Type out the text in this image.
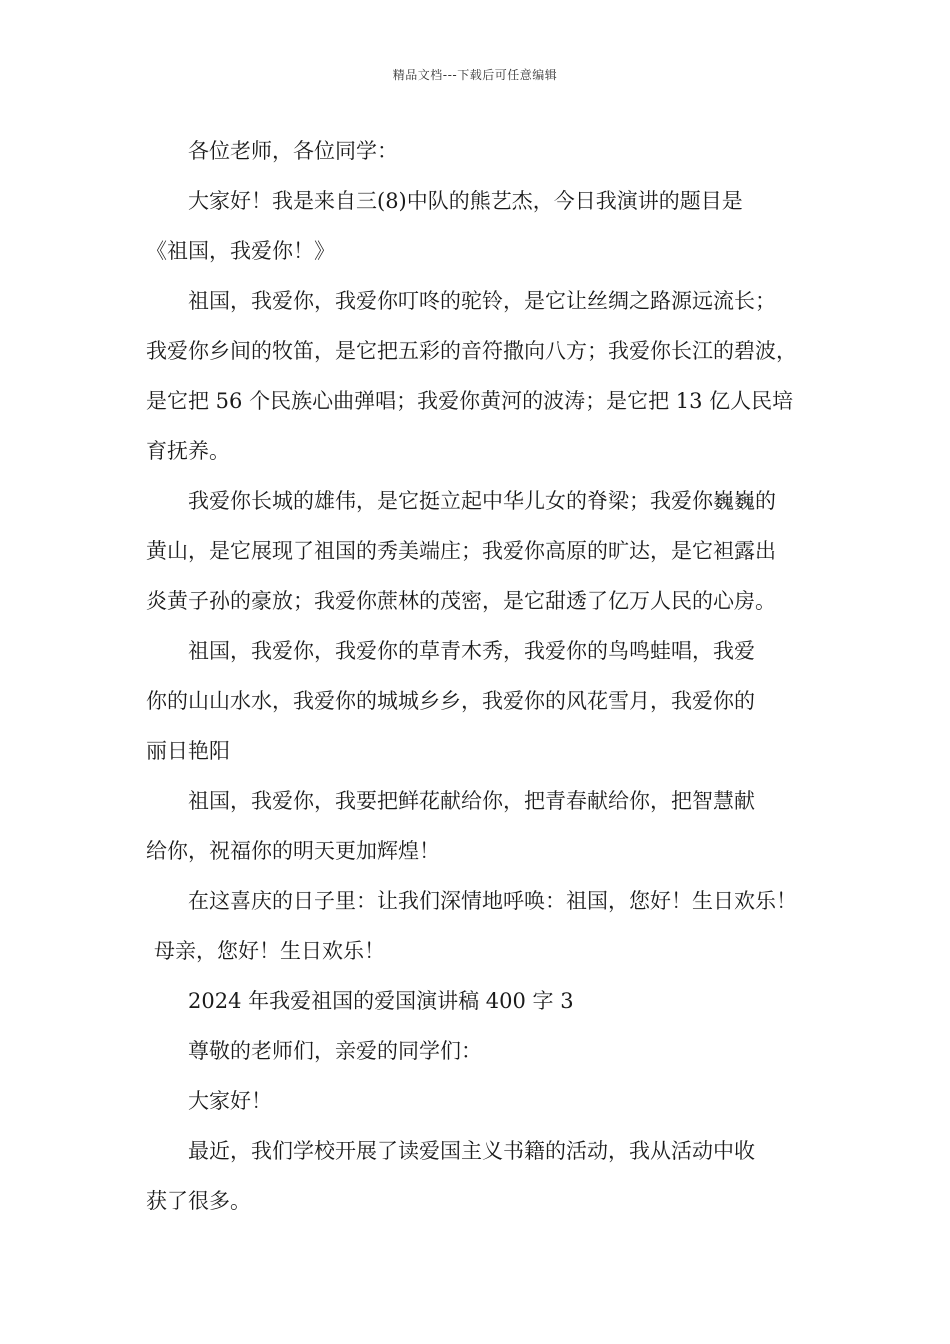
精品文档---下载后可任意编辑
各位老师，各位同学：
大家好！我是来自三(8)中队的熊艺杰，今日我演讲的题目是
《祖国，我爱你！》
祖国，我爱你，我爱你叮咚的驼铃，是它让丝绸之路源远流长；
我爱你乡间的牧笛，是它把五彩的音符撒向八方；我爱你长江的碧波，
是它把 56 个民族心曲弹唱；我爱你黄河的波涛；是它把 13 亿人民培
育抚养。
我爱你长城的雄伟，是它挺立起中华儿女的脊梁；我爱你巍巍的
黄山，是它展现了祖国的秀美端庄；我爱你高原的旷达，是它袒露出
炎黄子孙的豪放；我爱你蔗林的茂密，是它甜透了亿万人民的心房。
祖国，我爱你，我爱你的草青木秀，我爱你的鸟鸣蛙唱，我爱
你的山山水水，我爱你的城城乡乡，我爱你的风花雪月，我爱你的
丽日艳阳
祖国，我爱你，我要把鲜花献给你，把青春献给你，把智慧献
给你，祝福你的明天更加辉煌！
在这喜庆的日子里：让我们深情地呼唤：祖国，您好！生日欢乐！
母亲，您好！生日欢乐！
2024 年我爱祖国的爱国演讲稿 400 字 3
尊敬的老师们，亲爱的同学们：
大家好！
最近，我们学校开展了读爱国主义书籍的活动，我从活动中收
获了很多。
